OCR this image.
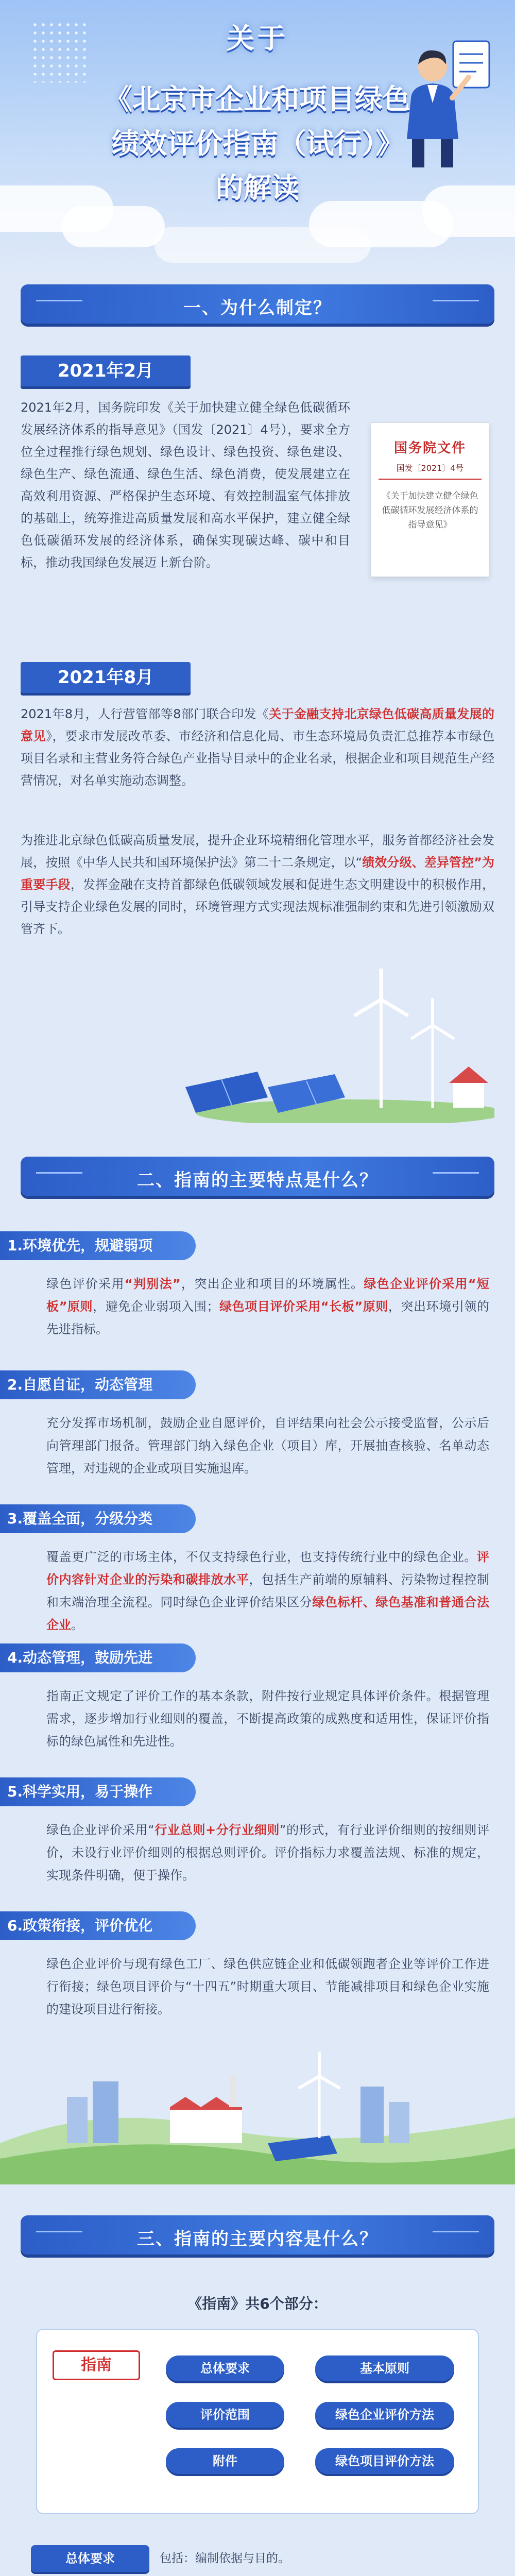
关于
《北京市企业和项目绿色
绩效评价指南（试行）》
的解读
一、为什么制定？
2021年2月
2021年2月，国务院印发《关于加快建立健全绿色低碳循环发展经济体系的指导意见》（国发〔2021〕4号），要求全方位全过程推行绿色规划、绿色设计、绿色投资、绿色建设、绿色生产、绿色流通、绿色生活、绿色消费，使发展建立在高效利用资源、严格保护生态环境、有效控制温室气体排放的基础上，统筹推进高质量发展和高水平保护，建立健全绿色低碳循环发展的经济体系，确保实现碳达峰、碳中和目标，推动我国绿色发展迈上新台阶。
国务院文件
国发〔2021〕4号
《关于加快建立健全绿色低碳循环发展经济体系的指导意见》
2021年8月
2021年8月，人行营管部等8部门联合印发《关于金融支持北京绿色低碳高质量发展的意见》，要求市发展改革委、市经济和信息化局、市生态环境局负责汇总推荐本市绿色项目名录和主营业务符合绿色产业指导目录中的企业名录，根据企业和项目规范生产经营情况，对名单实施动态调整。
为推进北京绿色低碳高质量发展，提升企业环境精细化管理水平，服务首都经济社会发展，按照《中华人民共和国环境保护法》第二十二条规定，以“绩效分级、差异管控”为重要手段，发挥金融在支持首都绿色低碳领域发展和促进生态文明建设中的积极作用，引导支持企业绿色发展的同时，环境管理方式实现法规标准强制约束和先进引领激励双管齐下。
二、指南的主要特点是什么？
1.环境优先，规避弱项
绿色评价采用“判别法”，突出企业和项目的环境属性。绿色企业评价采用“短板”原则，避免企业弱项入围；绿色项目评价采用“长板”原则，突出环境引领的先进指标。
2.自愿自证，动态管理
充分发挥市场机制，鼓励企业自愿评价，自评结果向社会公示接受监督，公示后向管理部门报备。管理部门纳入绿色企业（项目）库，开展抽查核验、名单动态管理，对违规的企业或项目实施退库。
3.覆盖全面，分级分类
覆盖更广泛的市场主体，不仅支持绿色行业，也支持传统行业中的绿色企业。评价内容针对企业的污染和碳排放水平，包括生产前端的原辅料、污染物过程控制和末端治理全流程。同时绿色企业评价结果区分绿色标杆、绿色基准和普通合法企业。
4.动态管理，鼓励先进
指南正文规定了评价工作的基本条款，附件按行业规定具体评价条件。根据管理需求，逐步增加行业细则的覆盖，不断提高政策的成熟度和适用性，保证评价指标的绿色属性和先进性。
5.科学实用，易于操作
绿色企业评价采用“行业总则+分行业细则”的形式，有行业评价细则的按细则评价，未设行业评价细则的根据总则评价。评价指标力求覆盖法规、标准的规定，实现条件明确，便于操作。
6.政策衔接，评价优化
绿色企业评价与现有绿色工厂、绿色供应链企业和低碳领跑者企业等评价工作进行衔接；绿色项目评价与“十四五”时期重大项目、节能减排项目和绿色企业实施的建设项目进行衔接。
三、指南的主要内容是什么？
《指南》共6个部分：
指南	总体要求	基本原则
评价范围	绿色企业评价方法
附件	绿色项目评价方法
总体要求	包括：编制依据与目的。
